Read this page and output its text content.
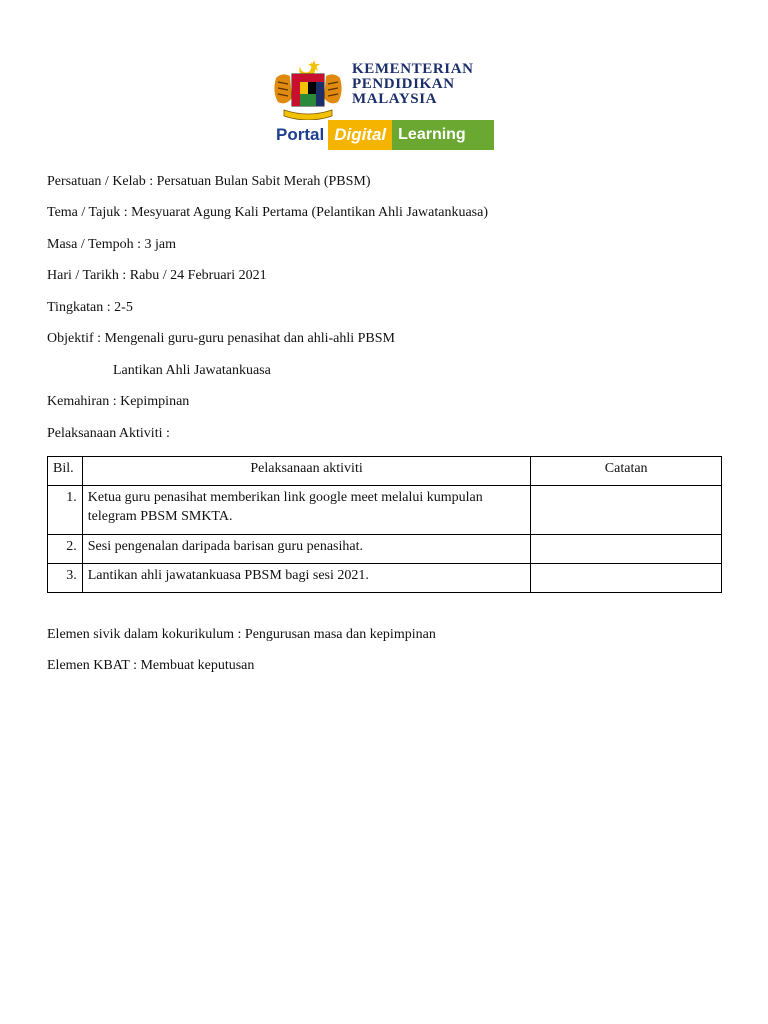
KEMENTERIAN
PENDIDIKAN
MALAYSIA
Portal Digital Learning
Persatuan / Kelab : Persatuan Bulan Sabit Merah (PBSM)
Tema / Tajuk : Mesyuarat Agung Kali Pertama (Pelantikan Ahli Jawatankuasa)
Masa / Tempoh : 3 jam
Hari / Tarikh : Rabu / 24 Februari 2021
Tingkatan : 2-5
Objektif : Mengenali guru-guru penasihat dan ahli-ahli PBSM
Lantikan Ahli Jawatankuasa
Kemahiran : Kepimpinan
Pelaksanaan Aktiviti :
Bil.	Pelaksanaan aktiviti	Catatan
1.	Ketua guru penasihat memberikan link google meet melalui kumpulan telegram PBSM SMKTA.	
2.	Sesi pengenalan daripada barisan guru penasihat.	
3.	Lantikan ahli jawatankuasa PBSM bagi sesi 2021.	
Elemen sivik dalam kokurikulum : Pengurusan masa dan kepimpinan
Elemen KBAT : Membuat keputusan
